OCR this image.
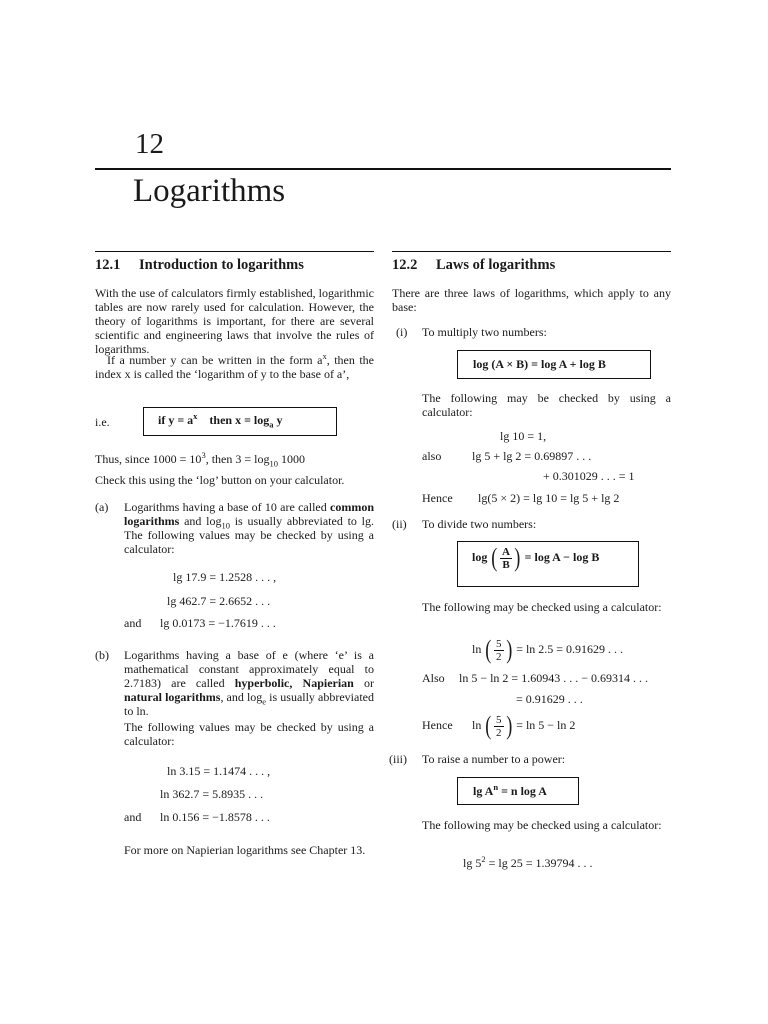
12
Logarithms
12.1 Introduction to logarithms
With the use of calculators firmly established, logarithmic tables are now rarely used for calculation. However, the theory of logarithms is important, for there are several scientific and engineering laws that involve the rules of logarithms.
If a number y can be written in the form $a^x$, then the index x is called the ‘logarithm of y to the base of a’,
i.e.	if $y = a^x$ then $x = \log_a y$
Thus, since $1000 = 10^3$, then $3 = \log_{10} 1000$
Check this using the ‘log’ button on your calculator.
(a) Logarithms having a base of 10 are called common logarithms and $\log_{10}$ is usually abbreviated to lg. The following values may be checked by using a calculator:
lg 17.9 = 1.2528 . . . ,
lg 462.7 = 2.6652 . . .
and lg 0.0173 = −1.7619 . . .
(b) Logarithms having a base of e (where ‘e’ is a mathematical constant approximately equal to 2.7183) are called hyperbolic, Napierian or natural logarithms, and $\log_e$ is usually abbreviated to ln.
The following values may be checked by using a calculator:
ln 3.15 = 1.1474 . . . ,
ln 362.7 = 5.8935 . . .
and ln 0.156 = −1.8578 . . .
For more on Napierian logarithms see Chapter 13.
12.2 Laws of logarithms
There are three laws of logarithms, which apply to any base:
(i) To multiply two numbers:
log (A × B) = log A + log B
The following may be checked by using a calculator:
lg 10 = 1,
also	lg 5 + lg 2 = 0.69897 . . .
+ 0.301029 . . . = 1
Hence lg(5 × 2) = lg 10 = lg 5 + lg 2
(ii) To divide two numbers:
log ( $\frac{A}{B}$ ) = log A − log B
The following may be checked using a calculator:
ln ( $\frac{5}{2}$ ) = ln 2.5 = 0.91629 . . .
Also ln 5 − ln 2 = 1.60943 . . . − 0.69314 . . .
= 0.91629 . . .
Hence ln ( $\frac{5}{2}$ ) = ln 5 − ln 2
(iii) To raise a number to a power:
$\lg A^n = n$ log A
The following may be checked using a calculator:
$\lg 5^2 = \lg 25 = 1.39794$ . . .
